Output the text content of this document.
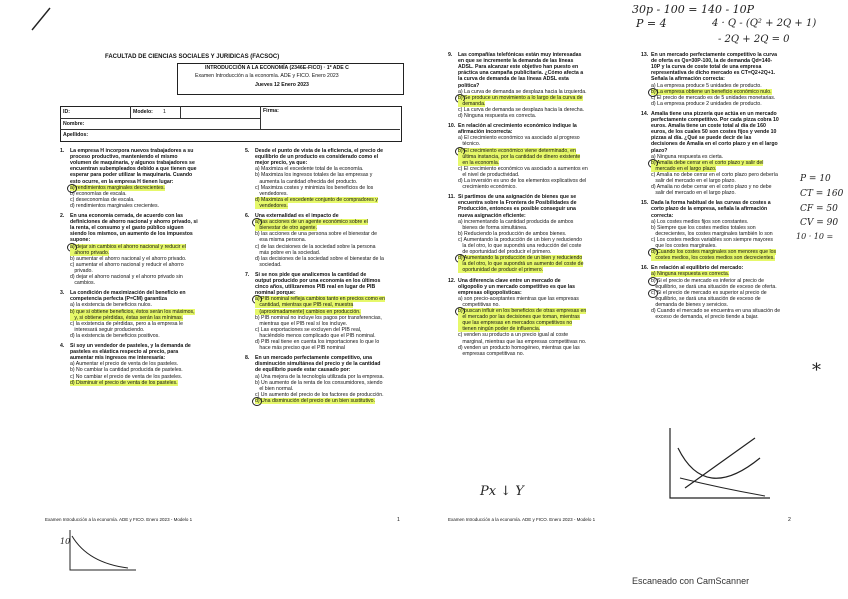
FACULTAD DE CIENCIAS SOCIALES Y JURIDICAS (FACSOC)
INTRODUCCIÓN A LA ECONOMÍA (2346E-FICO) · 1º ADE C
Examen Introducción a la economía. ADE y FICO. Enero 2023
Jueves 12 Enero 2023
ID:	Modelo: 1	Firma:
Nombre:
Apellidos:
1. La empresa H incorpora nuevos trabajadores a su
proceso productivo, manteniendo el mismo
volumen de maquinaria, y algunos trabajadores se
encuentran subempleados debido a que tienen que
esperar para poder utilizar la maquinaria. Cuando
esto ocurre, en la empresa H tienen lugar:
a) rendimientos marginales decrecientes.
b) economías de escala.
c) deseconomías de escala.
d) rendimientos marginales crecientes.
2. En una economía cerrada, de acuerdo con las
definiciones de ahorro nacional y ahorro privado, si
la renta, el consumo y el gasto público siguen
siendo los mismos, un aumento de los impuestos
supone:
a) dejar sin cambios el ahorro nacional y reducir el
ahorro privado.
b) aumentar el ahorro nacional y el ahorro privado.
c) aumentar el ahorro nacional y reducir el ahorro
privado.
d) dejar el ahorro nacional y el ahorro privado sin
cambios.
3. La condición de maximización del beneficio en
competencia perfecta (P=CM) garantiza
a) la existencia de beneficios nulos.
b) que si obtiene beneficios, éstos serán los máximos,
y, si obtiene pérdidas, éstas serán las mínimas.
c) la existencia de pérdidas, pero a la empresa le
interesará seguir produciendo.
d) la existencia de beneficios positivos.
4. Si soy un vendedor de pasteles, y la demanda de
pasteles es elástica respecto al precio, para
aumentar mis ingresos me interesaría:
a) Aumentar el precio de venta de los pasteles.
b) No cambiar la cantidad producida de pasteles.
c) No cambiar el precio de venta de los pasteles.
d) Disminuir el precio de venta de los pasteles.
5. Desde el punto de vista de la eficiencia, el precio de
equilibrio de un producto es considerado como el
mejor precio, ya que:
a) Maximiza el excedente total de la economía.
b) Maximiza los ingresos totales de las empresas y
aumenta la cantidad ofrecida del producto.
c) Maximiza costes y minimiza los beneficios de los
vendedores.
d) Maximiza el excedente conjunto de compradores y
vendedores.
6. Una externalidad es el impacto de
a) las acciones de un agente económico sobre el
bienestar de otro agente.
b) las acciones de una persona sobre el bienestar de
esa misma persona.
c) de las decisiones de la sociedad sobre la persona
más pobre en la sociedad.
d) las decisiones de la sociedad sobre el bienestar de la
sociedad.
7. Si se nos pide que analicemos la cantidad de
output producido por una economía en los últimos
cinco años, utilizaremos PIB real en lugar de PIB
nominal porque:
a) PIB nominal refleja cambios tanto en precios como en
cantidad, mientras que PIB real, muestra
(aproximadamente) cambios en producción.
b) PIB nominal no incluye los pagos por transferencias,
mientras que el PIB real sí los incluye.
c) Las exportaciones se excluyen del PIB real,
haciéndolo menos complicado que el PIB nominal.
d) PIB real tiene en cuenta los importaciones lo que lo
hace más preciso que el PIB nominal
8. En un mercado perfectamente competitivo, una
disminución simultánea del precio y de la cantidad
de equilibrio puede estar causado por:
a) Una mejora de la tecnología utilizada por la empresa.
b) Un aumento de la renta de los consumidores, siendo
el bien normal.
c) Un aumento del precio de los factores de producción.
d) Una disminución del precio de un bien sustitutivo.
Examen Introducción a la economía. ADE y FICO. Enero 2023 - Modelo 1	1
9. Las compañías telefónicas están muy interesadas
en que se incremente la demanda de las líneas
ADSL. Para alcanzar este objetivo han puesto en
práctica una campaña publicitaria. ¿Cómo afecta a
la curva de demanda de las líneas ADSL esta
política?
a) La curva de demanda se desplaza hacia la izquierda.
b) Se produce un movimiento a lo largo de la curva de
demanda.
c) La curva de demanda se desplaza hacia la derecha.
d) Ninguna respuesta es correcta.
10. En relación al crecimiento económico indique la
afirmación incorrecta:
a) El crecimiento económico va asociado al progreso
técnico.
b) El crecimiento económico viene determinado, en
última instancia, por la cantidad de dinero existente
en la economía.
c) El crecimiento económico va asociado a aumentos en
el nivel de productividad.
d) La inversión es uno de los elementos explicativos del
crecimiento económico.
11. Si partimos de una asignación de bienes que se
encuentra sobre la Frontera de Posibilidades de
Producción, entonces es posible conseguir una
nueva asignación eficiente:
a) incrementando la cantidad producida de ambos
bienes de forma simultánea.
b) Reduciendo la producción de ambos bienes.
c) Aumentando la producción de un bien y reduciendo
la del otro, lo que supondrá una reducción del coste
de oportunidad del producir el primero.
d) Aumentando la producción de un bien y reduciendo
la del otro, lo que supondrá un aumento del coste de
oportunidad de producir el primero.
12. Una diferencia clave entre un mercado de
oligopolio y un mercado competitivo es que las
empresas oligopolísticas:
a) son precio-aceptantes mientras que las empresas
competitivas no.
b) buscan influir en los beneficios de otras empresas en
el mercado por las decisiones que toman, mientras
que las empresas en mercados competitivos no
tienen ningún poder de influencia.
c) venden su producto a un precio igual al coste
marginal, mientras que las empresas competitivas no.
d) venden un producto homogéneo, mientras que las
empresas competitivas no.
13. En un mercado perfectamente competitivo la curva
de oferta es Qs=30P-100, la de demanda Qd=140-
10P y la curva de coste total de una empresa
representativa de dicho mercado es CT=Q2+2Q+1.
Señala la afirmación correcta:
a) La empresa produce 5 unidades de producto.
b) La empresa obtiene un beneficio económico nulo.
c) El precio de mercado es de 5 unidades monetarias.
d) La empresa produce 2 unidades de producto.
14. Amalia tiene una pizzería que actúa en un mercado
perfectamente competitivo. Por cada pizza cobra 10
euros. Amalia tiene un coste total al día de 160
euros, de los cuales 50 son costes fijos y vende 10
pizzas al día. ¿Qué se puede decir de las
decisiones de Amalia en el corto plazo y en el largo
plazo?
a) Ninguna respuesta es cierta.
b) Amalia debe cerrar en el corto plazo y salir del
mercado en el largo plazo.
c) Amalia no debe cerrar en el corto plazo pero debería
salir del mercado en el largo plazo.
d) Amalia no debe cerrar en el corto plazo y no debe
salir del mercado en el largo plazo.
15. Dada la forma habitual de las curvas de costes a
corto plazo de la empresa, señala la afirmación
correcta:
a) Los costes medios fijos son constantes.
b) Siempre que los costes medios totales son
decrecientes, los costes marginales también lo son
c) Los costes medios variables son siempre mayores
que los costes marginales.
d) Cuando los costes marginales son menores que los
costes medios, los costes medios son decrecientes.
16. En relación al equilibrio del mercado:
a) Ninguna respuesta es correcta.
b) Si el precio de mercado es inferior al precio de
equilibrio, se dará una situación de exceso de oferta.
c) Si el precio de mercado es superior al precio de
equilibrio, se dará una situación de exceso de
demanda de bienes y servicios.
d) Cuando el mercado se encuentra en una situación de
exceso de demanda, el precio tiende a bajar.
Examen Introducción a la economía. ADE y FICO. Enero 2023 - Modelo 1	2
30p - 100 = 140 - 10P
P = 4	4 · Q - (Q² + 2Q + 1)
- 2Q + 2Q = 0
P = 10
CT = 160
CF = 50
CV = 90
10 · 10 =
*
Px ↓ Y
10
Escaneado con CamScanner
